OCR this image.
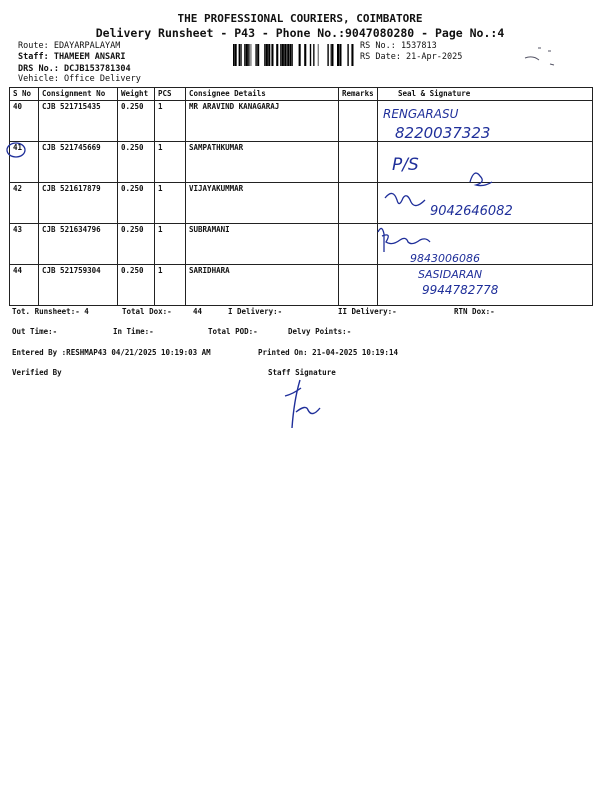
THE PROFESSIONAL COURIERS, COIMBATORE
Delivery Runsheet - P43 - Phone No.:9047080280 - Page No.:4
Route: EDAYARPALAYAM
Staff: THAMEEM ANSARI
DRS No.: DCJB153781304
Vehicle: Office Delivery
RS No.: 1537813
RS Date: 21-Apr-2025
S No	Consignment No	Weight	PCS	Consignee Details	Remarks	Seal & Signature
40	CJB 521715435	0.250	1	MR ARAVIND KANAGARAJ		
41	CJB 521745669	0.250	1	SAMPATHKUMAR		
42	CJB 521617879	0.250	1	VIJAYAKUMMAR		
43	CJB 521634796	0.250	1	SUBRAMANI		
44	CJB 521759304	0.250	1	SARIDHARA		
Tot. Runsheet:- 4	Total Dox:-	44	I Delivery:-	II Delivery:-	RTN Dox:-
Out Time:-	In Time:-	Total POD:-	Delvy Points:-
Entered By :RESHMAP43 04/21/2025 10:19:03 AM	Printed On: 21-04-2025 10:19:14
Verified By	Staff Signature
RENGARASU
8220037323
P/S
9042646082
9843006086
SASIDARAN
9944782778
